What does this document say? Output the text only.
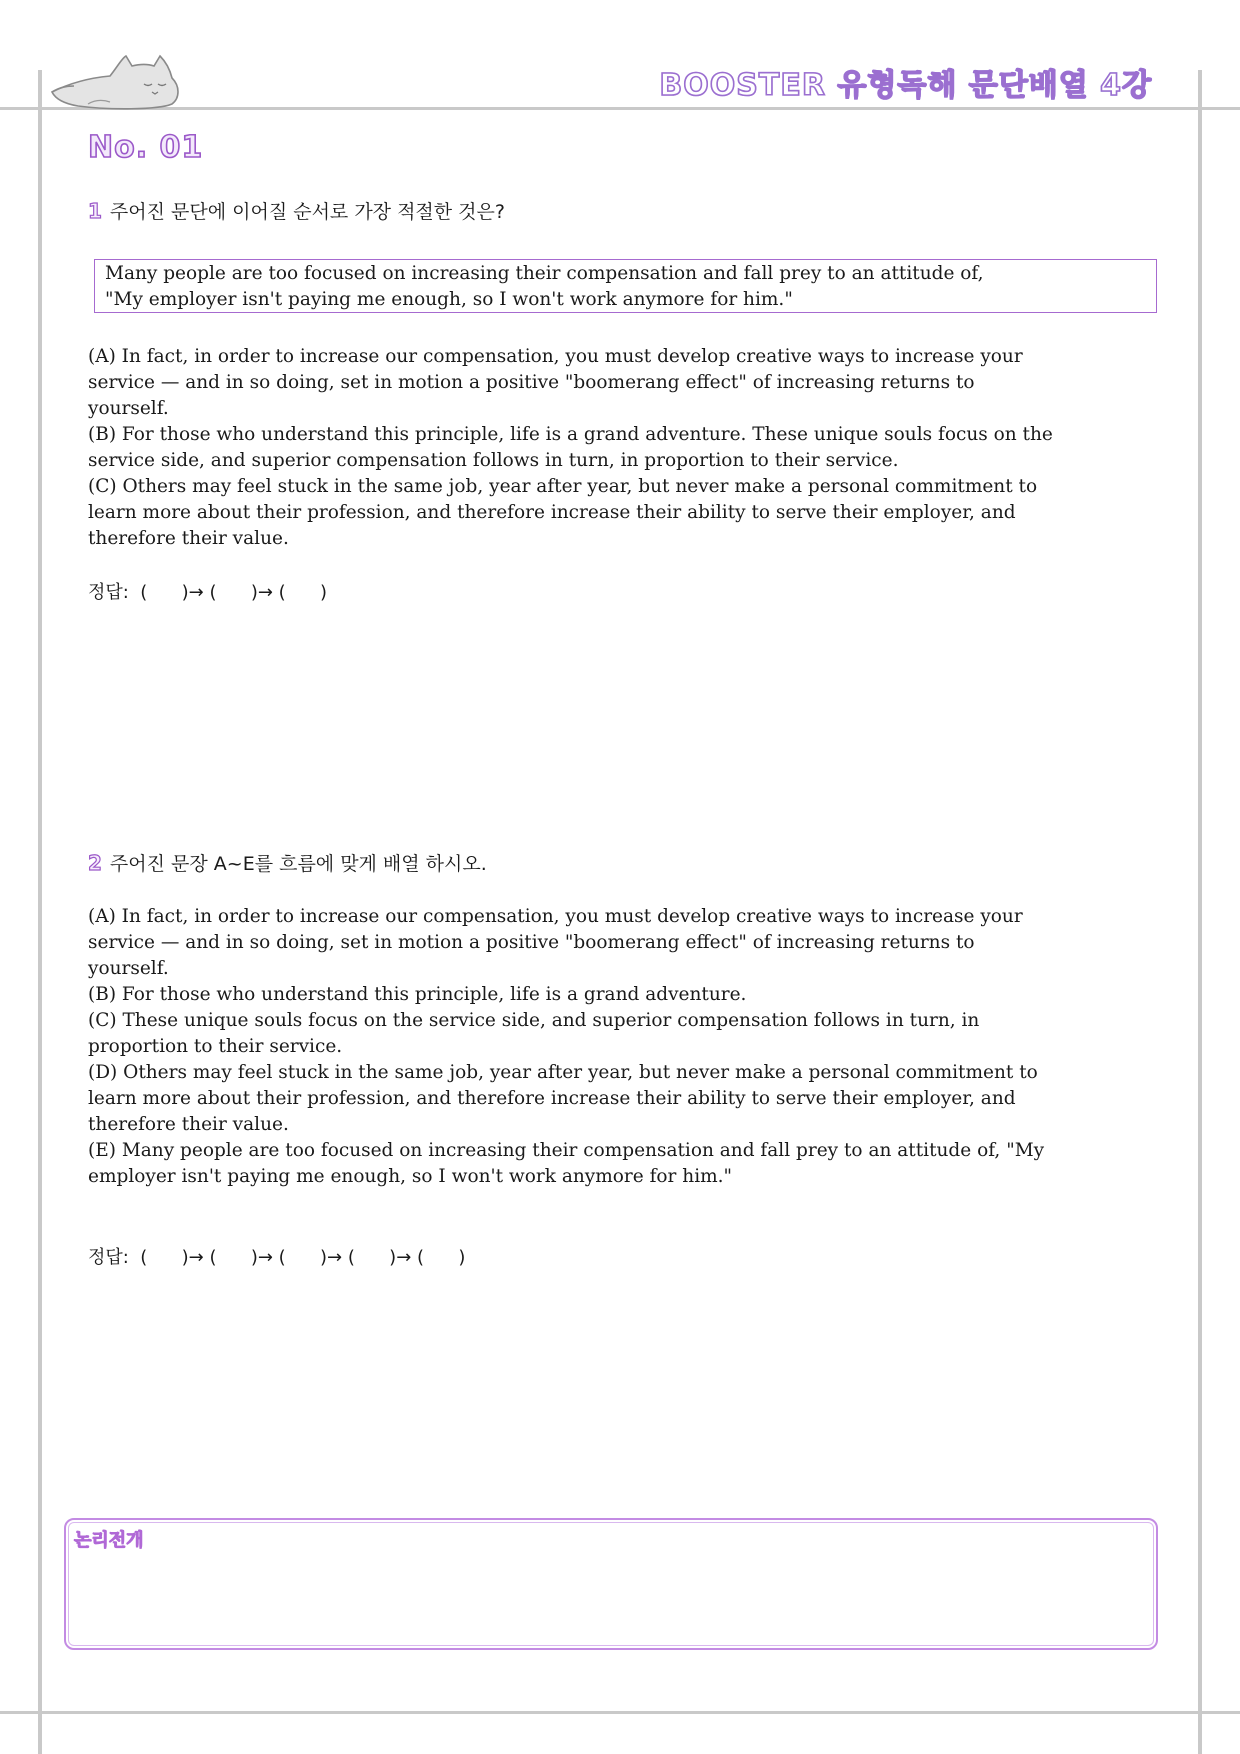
BOOSTER 유형독해 문단배열 4강
No. 01
1 주어진 문단에 이어질 순서로 가장 적절한 것은?
Many people are too focused on increasing their compensation and fall prey to an attitude of,
"My employer isn't paying me enough, so I won't work anymore for him."

(A) In fact, in order to increase our compensation, you must develop creative ways to increase your

service — and in so doing, set in motion a positive "boomerang effect" of increasing returns to

yourself.

(B) For those who understand this principle, life is a grand adventure. These unique souls focus on the

service side, and superior compensation follows in turn, in proportion to their service.

(C) Others may feel stuck in the same job, year after year, but never make a personal commitment to

learn more about their profession, and therefore increase their ability to serve their employer, and

therefore their value.

정답:  (      )→ (      )→ (      )
2 주어진 문장 A~E를 흐름에 맞게 배열 하시오.

(A) In fact, in order to increase our compensation, you must develop creative ways to increase your

service — and in so doing, set in motion a positive "boomerang effect" of increasing returns to

yourself.

(B) For those who understand this principle, life is a grand adventure.

(C) These unique souls focus on the service side, and superior compensation follows in turn, in

proportion to their service.

(D) Others may feel stuck in the same job, year after year, but never make a personal commitment to

learn more about their profession, and therefore increase their ability to serve their employer, and

therefore their value.

(E) Many people are too focused on increasing their compensation and fall prey to an attitude of, "My

employer isn't paying me enough, so I won't work anymore for him."

정답:  (      )→ (      )→ (      )→ (      )→ (      )
논리전개
